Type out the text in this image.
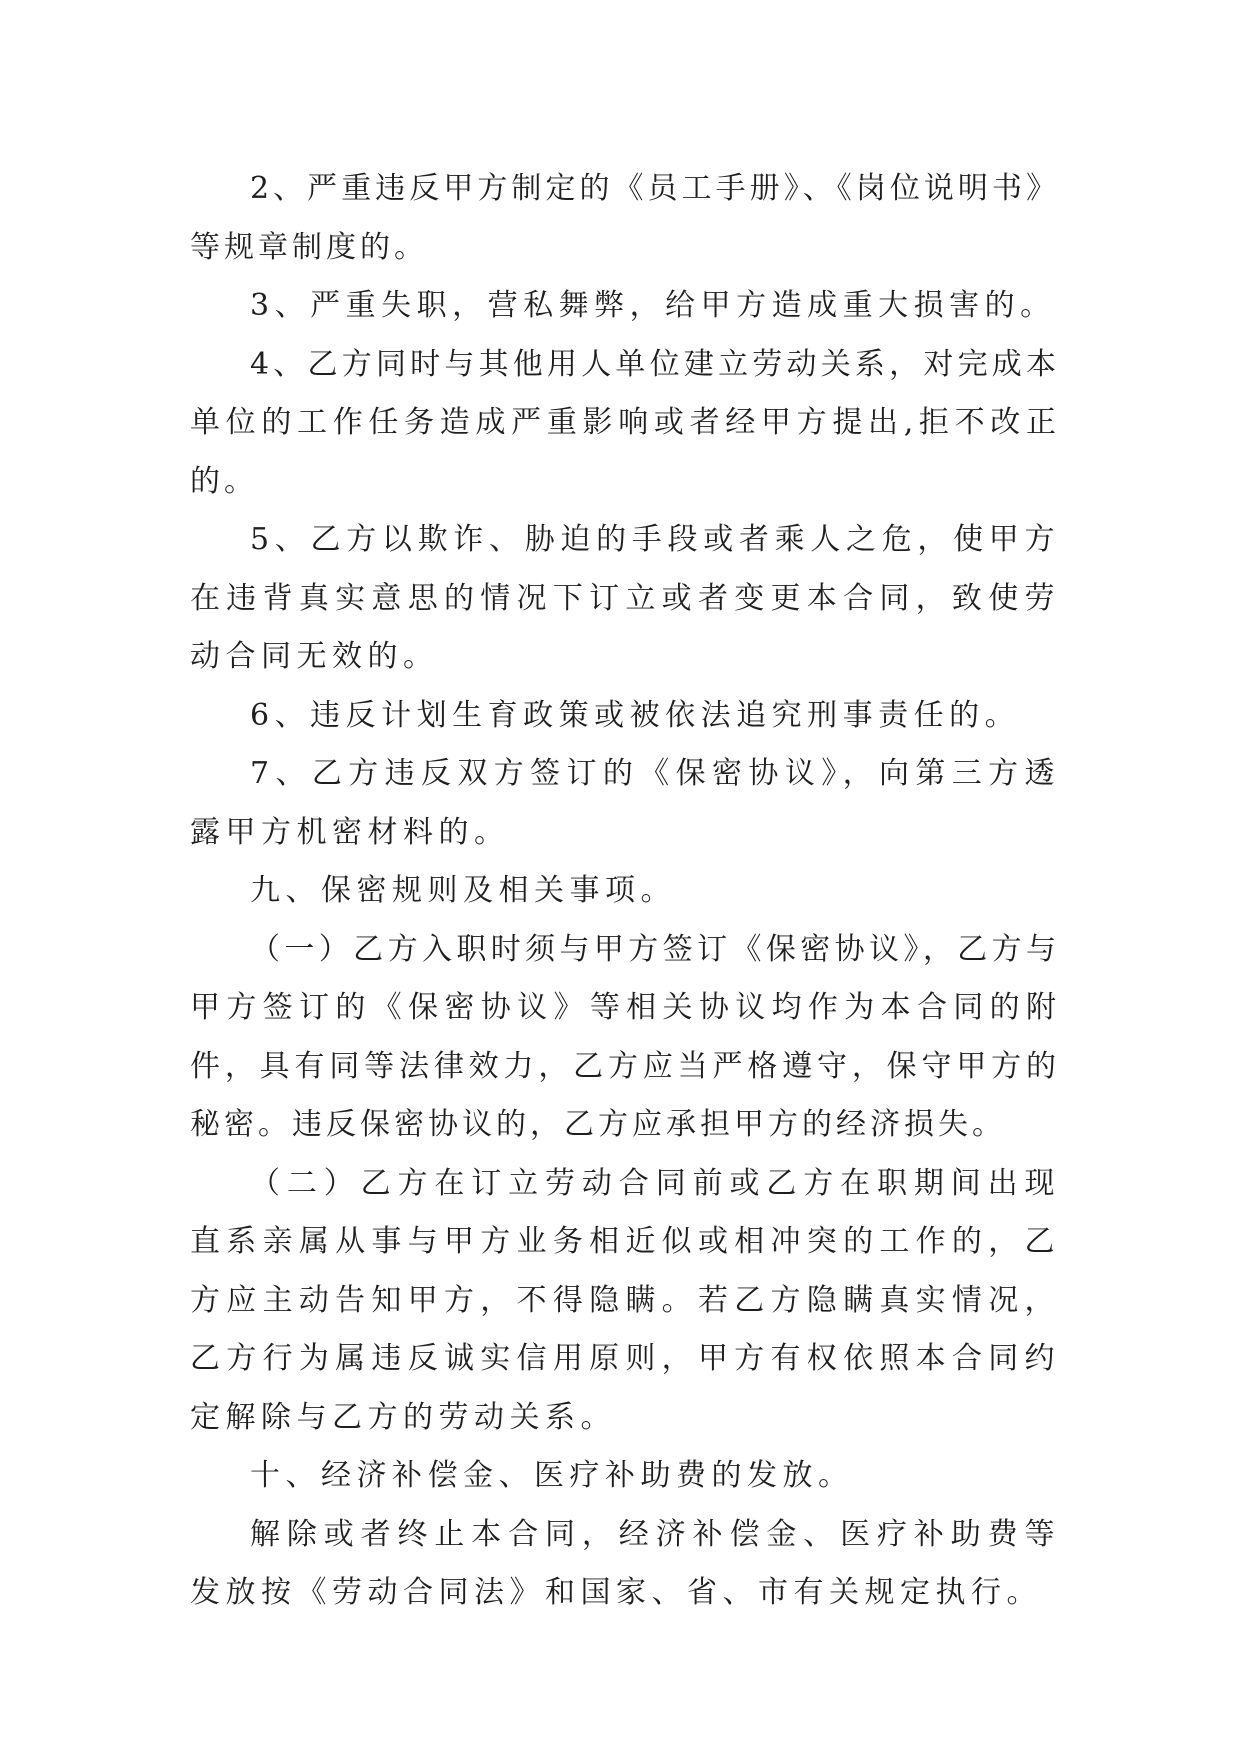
2、严重违反甲方制定的《员工手册》、《岗位说明书》等规章制度的。

3、严重失职，营私舞弊，给甲方造成重大损害的。

4、乙方同时与其他用人单位建立劳动关系，对完成本单位的工作任务造成严重影响或者经甲方提出,拒不改正的。

5、乙方以欺诈、胁迫的手段或者乘人之危，使甲方在违背真实意思的情况下订立或者变更本合同，致使劳动合同无效的。

6、违反计划生育政策或被依法追究刑事责任的。

7、乙方违反双方签订的《保密协议》，向第三方透露甲方机密材料的。

九、保密规则及相关事项。

（一）乙方入职时须与甲方签订《保密协议》，乙方与甲方签订的《保密协议》等相关协议均作为本合同的附件，具有同等法律效力，乙方应当严格遵守，保守甲方的秘密。违反保密协议的，乙方应承担甲方的经济损失。

（二）乙方在订立劳动合同前或乙方在职期间出现直系亲属从事与甲方业务相近似或相冲突的工作的，乙方应主动告知甲方，不得隐瞒。若乙方隐瞒真实情况，乙方行为属违反诚实信用原则，甲方有权依照本合同约定解除与乙方的劳动关系。

十、经济补偿金、医疗补助费的发放。

解除或者终止本合同，经济补偿金、医疗补助费等发放按《劳动合同法》和国家、省、市有关规定执行。
